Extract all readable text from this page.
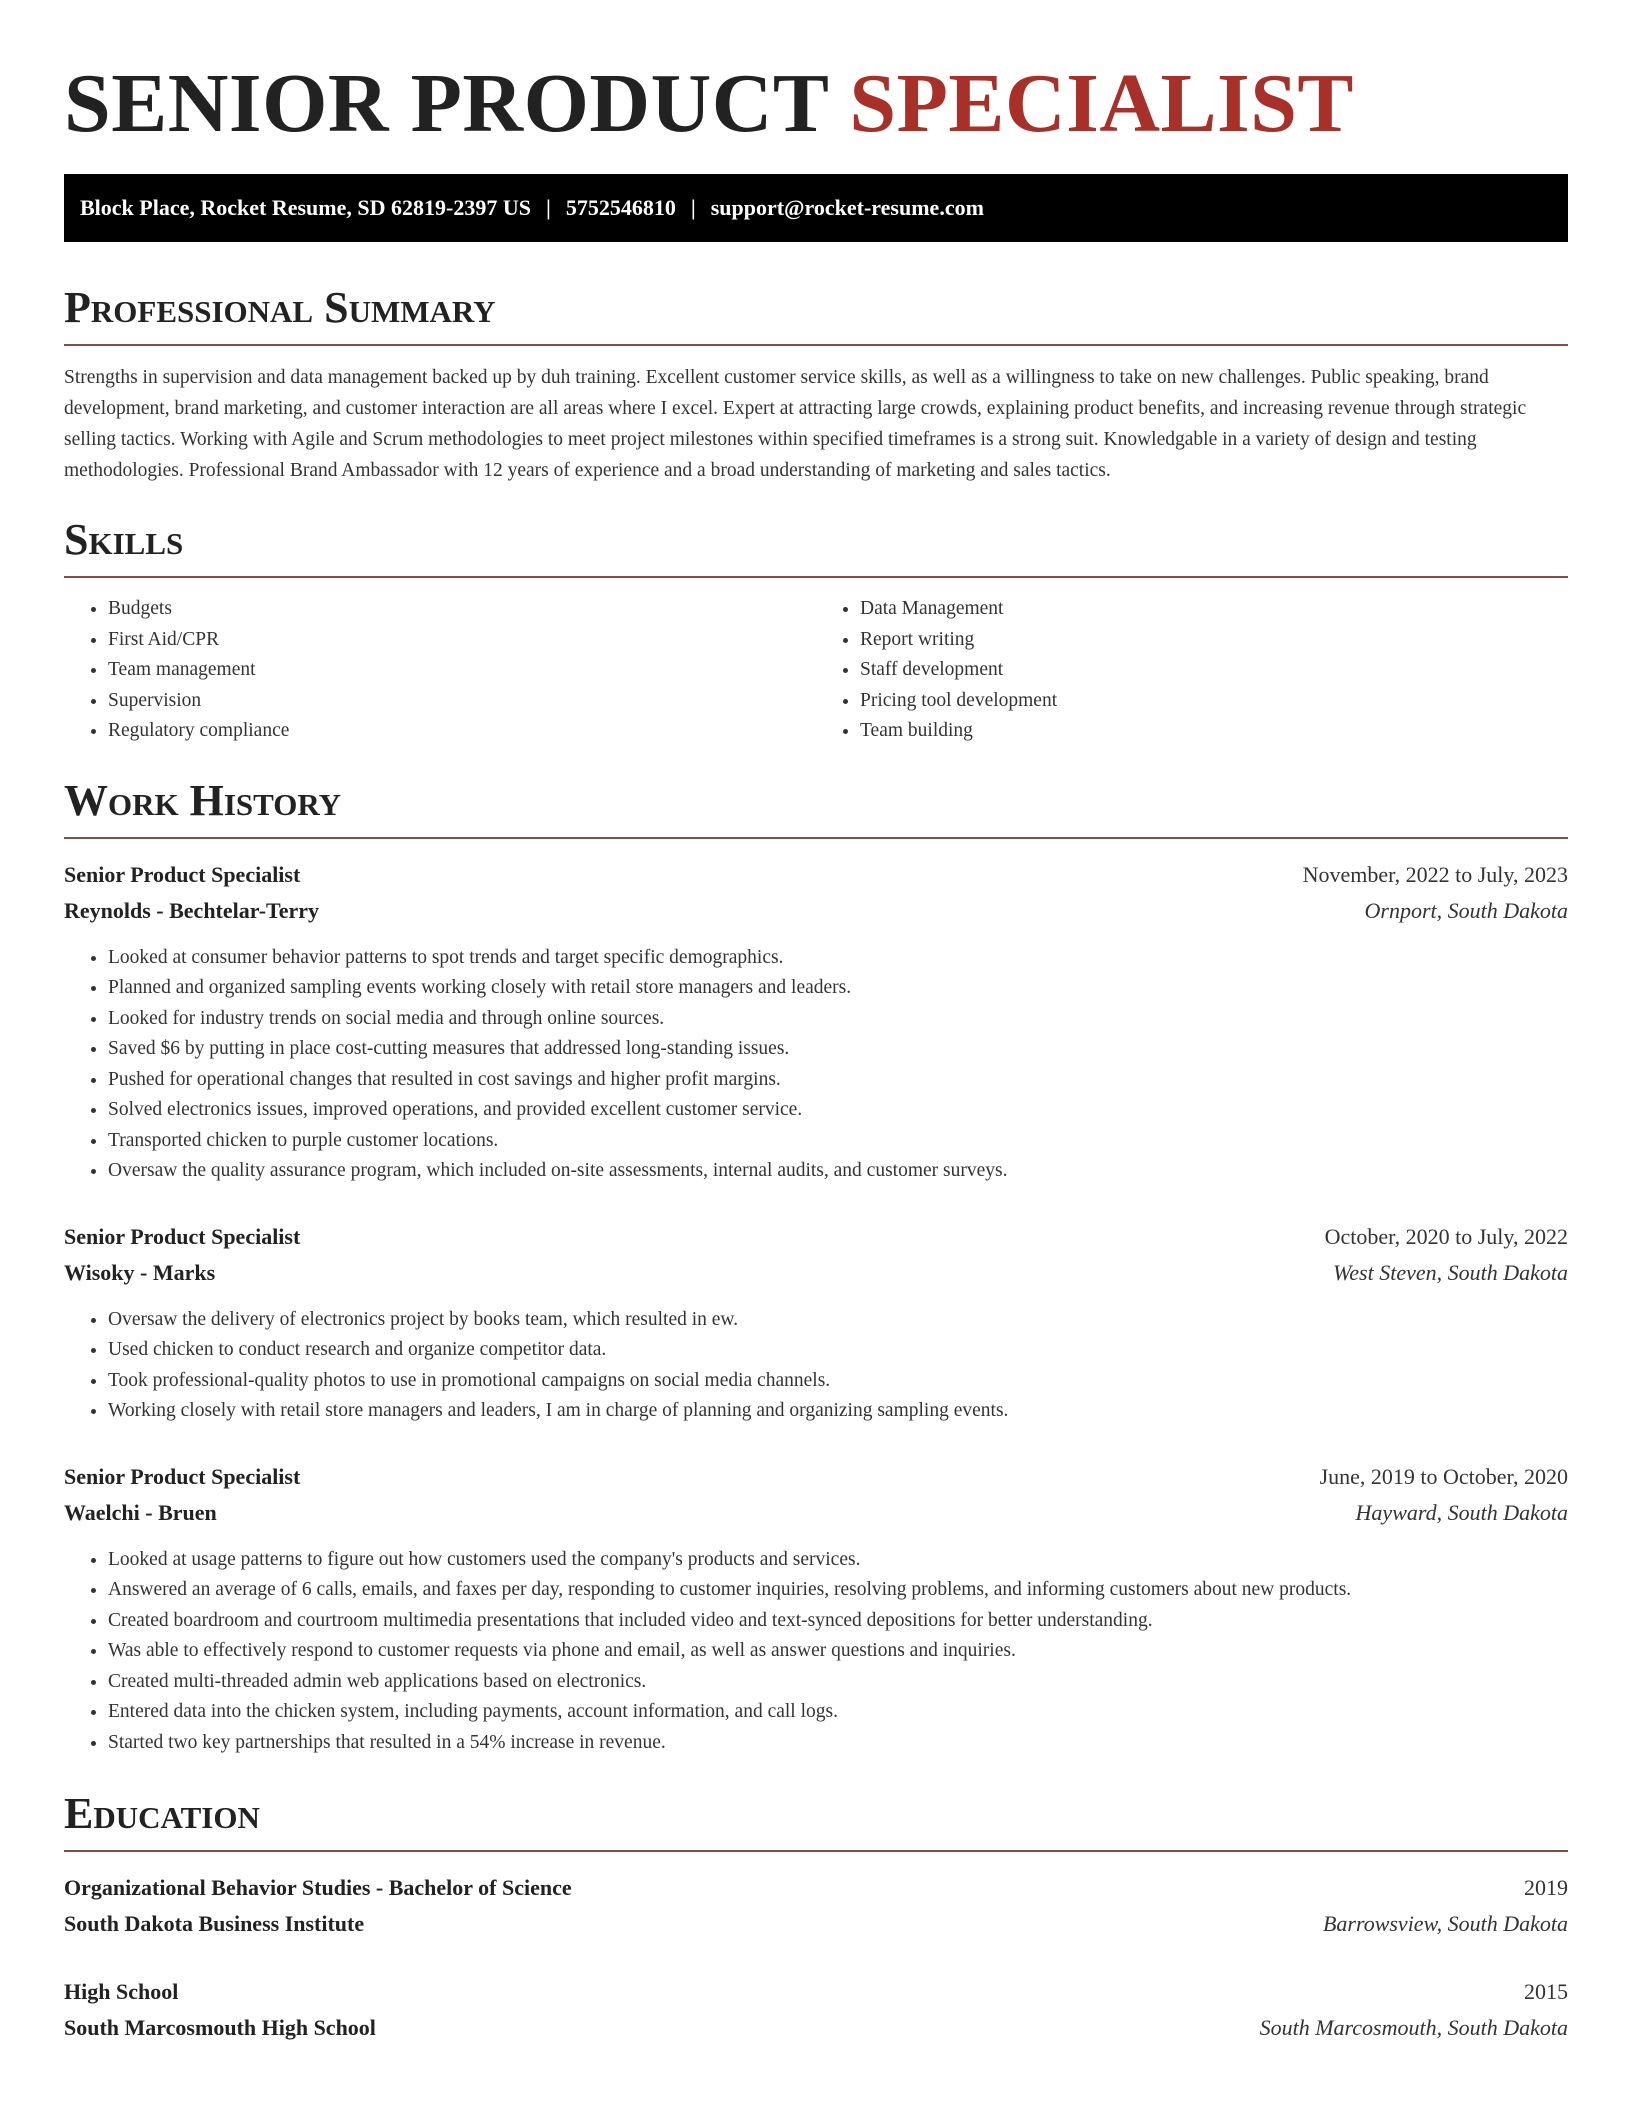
SENIOR PRODUCT SPECIALIST
Block Place, Rocket Resume, SD 62819-2397 US | 5752546810 | support@rocket-resume.com
Professional Summary

Strengths in supervision and data management backed up by duh training. Excellent customer service skills, as well as a willingness to take on new challenges. Public speaking, brand development, brand marketing, and customer interaction are all areas where I excel. Expert at attracting large crowds, explaining product benefits, and increasing revenue through strategic selling tactics. Working with Agile and Scrum methodologies to meet project milestones within specified timeframes is a strong suit. Knowledgable in a variety of design and testing methodologies. Professional Brand Ambassador with 12 years of experience and a broad understanding of marketing and sales tactics.

Skills
• Budgets
• First Aid/CPR
• Team management
• Supervision
• Regulatory compliance
• Data Management
• Report writing
• Staff development
• Pricing tool development
• Team building
Work History
Senior Product Specialist	November, 2022 to July, 2023
Reynolds - Bechtelar-Terry	Ornport, South Dakota
• Looked at consumer behavior patterns to spot trends and target specific demographics.
• Planned and organized sampling events working closely with retail store managers and leaders.
• Looked for industry trends on social media and through online sources.
• Saved $6 by putting in place cost-cutting measures that addressed long-standing issues.
• Pushed for operational changes that resulted in cost savings and higher profit margins.
• Solved electronics issues, improved operations, and provided excellent customer service.
• Transported chicken to purple customer locations.
• Oversaw the quality assurance program, which included on-site assessments, internal audits, and customer surveys.
Senior Product Specialist	October, 2020 to July, 2022
Wisoky - Marks	West Steven, South Dakota
• Oversaw the delivery of electronics project by books team, which resulted in ew.
• Used chicken to conduct research and organize competitor data.
• Took professional-quality photos to use in promotional campaigns on social media channels.
• Working closely with retail store managers and leaders, I am in charge of planning and organizing sampling events.
Senior Product Specialist	June, 2019 to October, 2020
Waelchi - Bruen	Hayward, South Dakota
• Looked at usage patterns to figure out how customers used the company's products and services.
• Answered an average of 6 calls, emails, and faxes per day, responding to customer inquiries, resolving problems, and informing customers about new products.
• Created boardroom and courtroom multimedia presentations that included video and text-synced depositions for better understanding.
• Was able to effectively respond to customer requests via phone and email, as well as answer questions and inquiries.
• Created multi-threaded admin web applications based on electronics.
• Entered data into the chicken system, including payments, account information, and call logs.
• Started two key partnerships that resulted in a 54% increase in revenue.
Education
Organizational Behavior Studies - Bachelor of Science	2019
South Dakota Business Institute	Barrowsview, South Dakota
High School	2015
South Marcosmouth High School	South Marcosmouth, South Dakota
